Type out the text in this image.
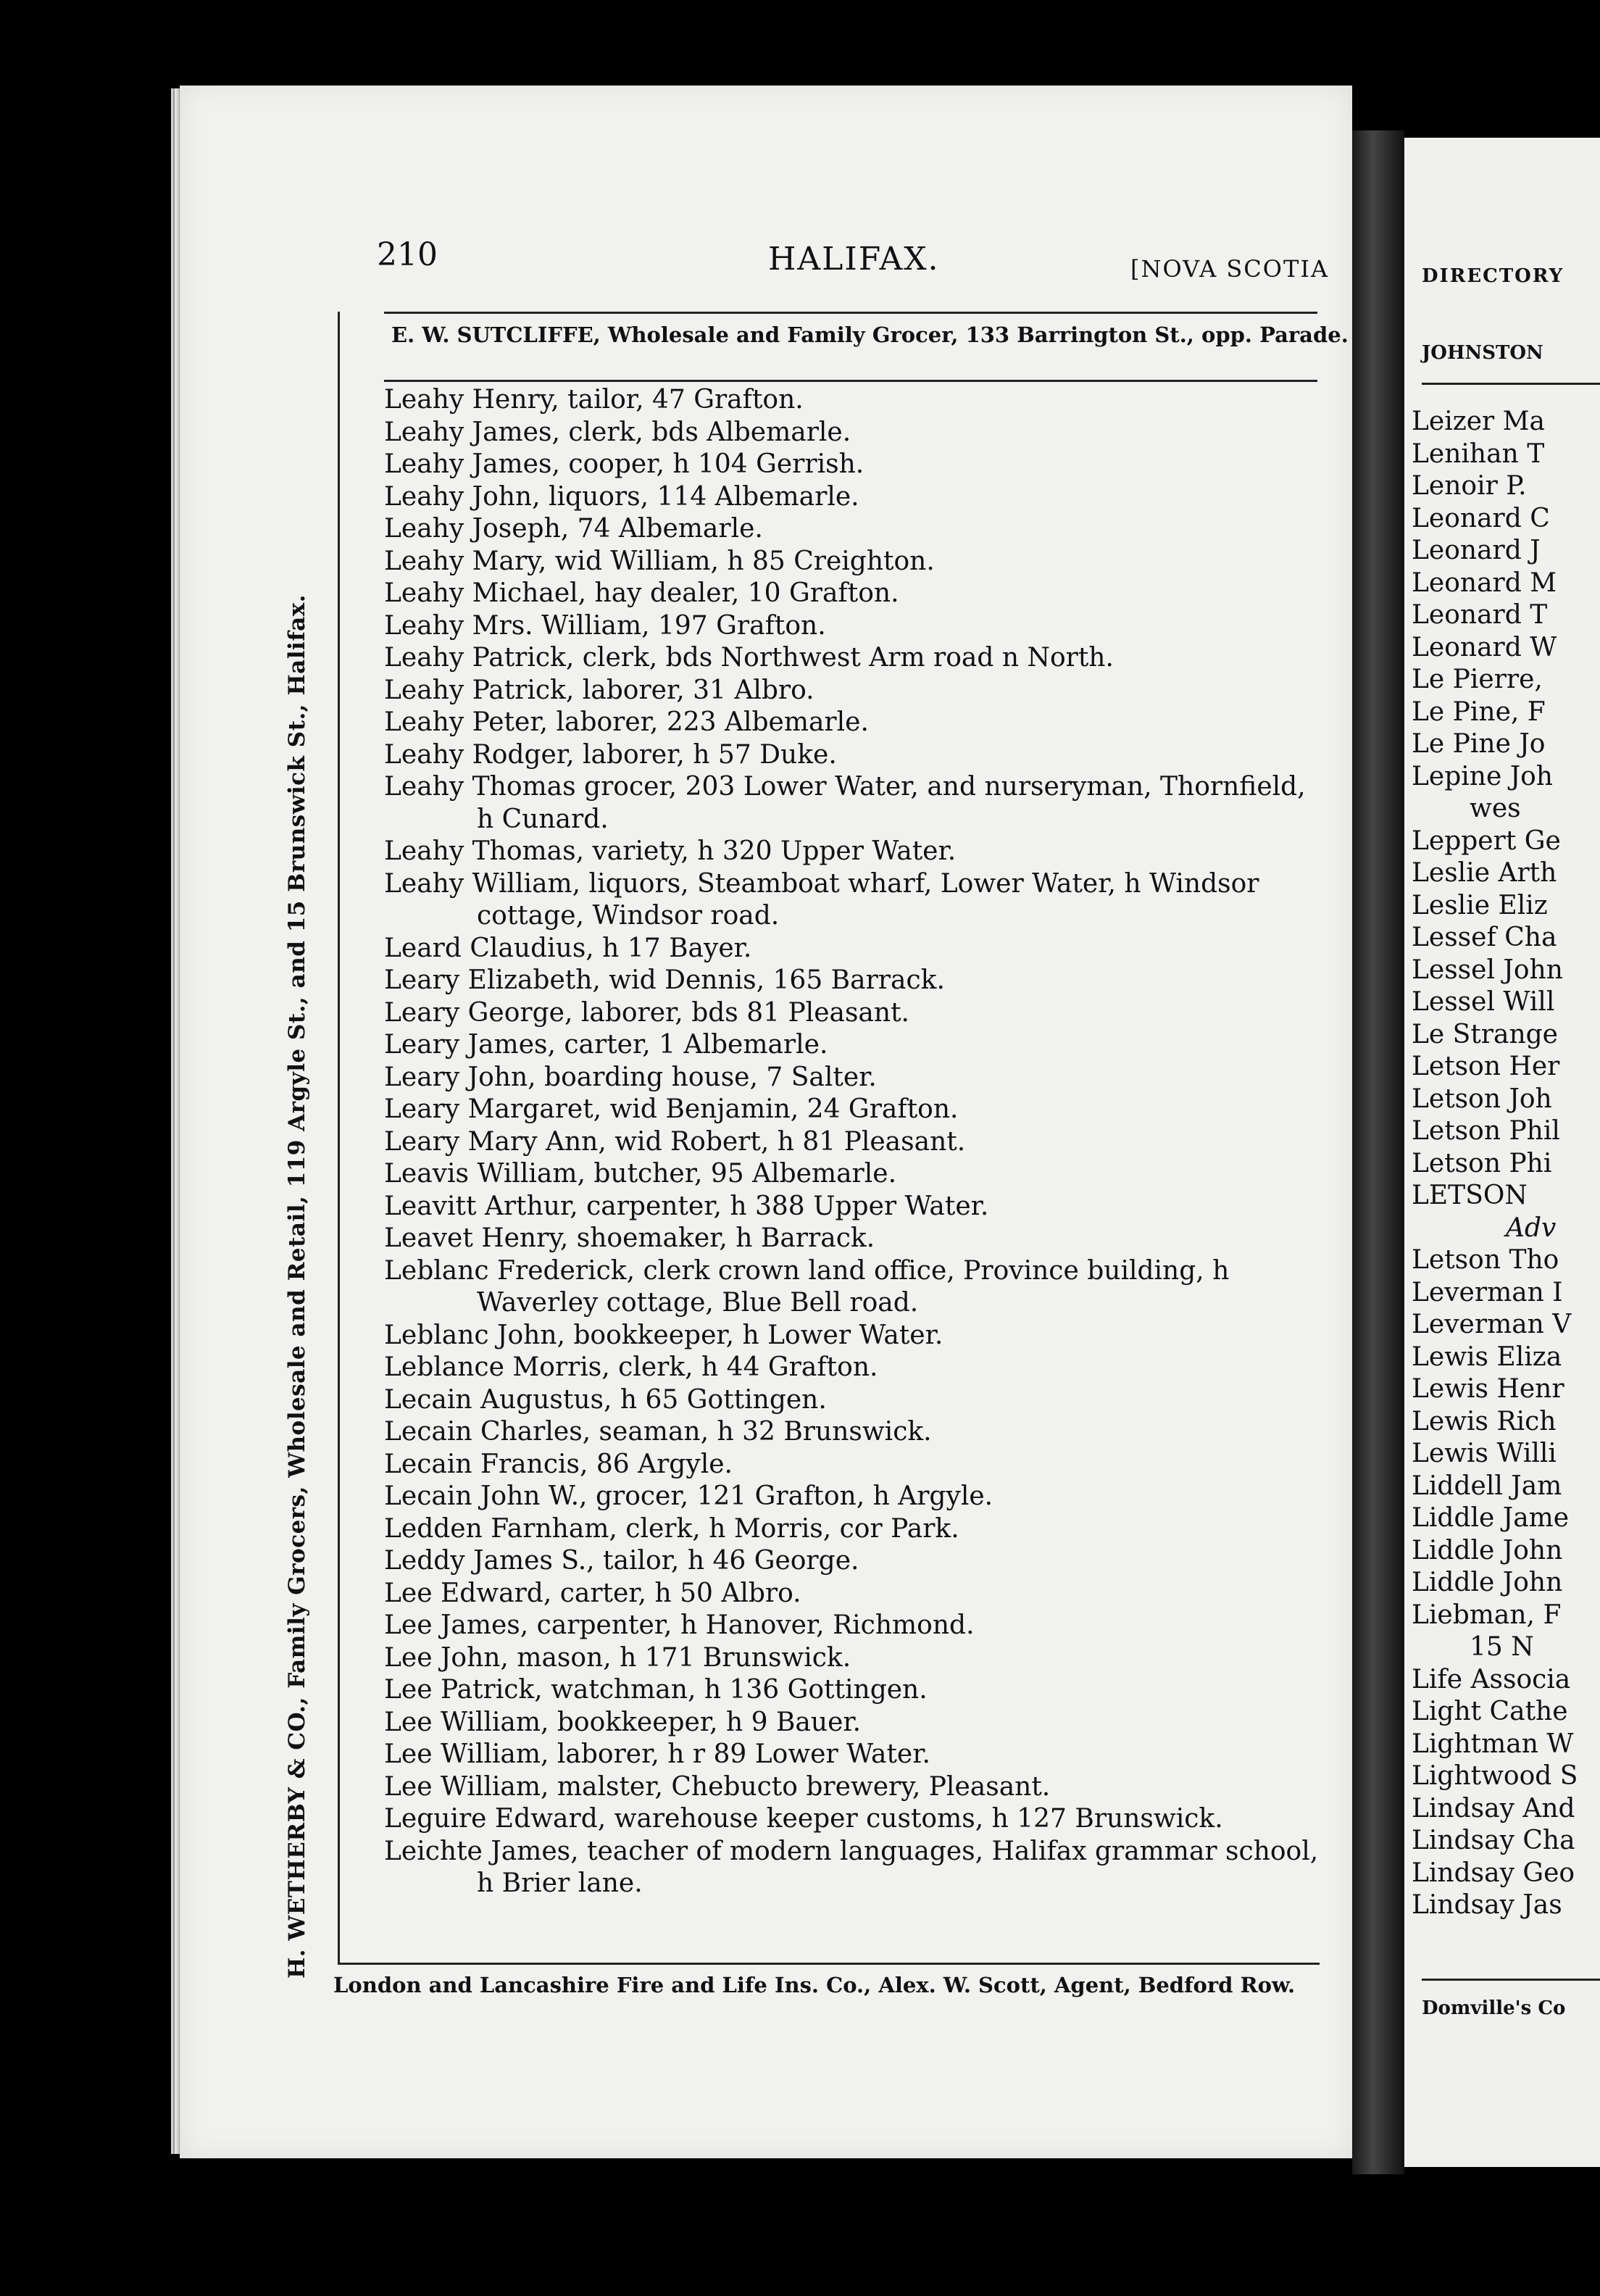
DIRECTORY
JOHNSTON
Leizer Ma
Lenihan T
Lenoir P.
Leonard C
Leonard J
Leonard M
Leonard T
Leonard W
Le Pierre,
Le Pine, F
Le Pine Jo
Lepine Joh
wes
Leppert Ge
Leslie Arth
Leslie Eliz
Lessef Cha
Lessel John
Lessel Will
Le Strange
Letson Her
Letson Joh
Letson Phil
Letson Phi
LETSON
Adv
Letson Tho
Leverman I
Leverman V
Lewis Eliza
Lewis Henr
Lewis Rich
Lewis Willi
Liddell Jam
Liddle Jame
Liddle John
Liddle John
Liebman, F
15 N
Life Associa
Light Cathe
Lightman W
Lightwood S
Lindsay And
Lindsay Cha
Lindsay Geo
Lindsay Jas
Domville's Co
210	HALIFAX.	[NOVA SCOTIA
H. WETHERBY & CO., Family Grocers, Wholesale and Retail, 119 Argyle St., and 15 Brunswick St., Halifax.
E. W. SUTCLIFFE, Wholesale and Family Grocer, 133 Barrington St., opp. Parade.
Leahy Henry, tailor, 47 Grafton.
Leahy James, clerk, bds Albemarle.
Leahy James, cooper, h 104 Gerrish.
Leahy John, liquors, 114 Albemarle.
Leahy Joseph, 74 Albemarle.
Leahy Mary, wid William, h 85 Creighton.
Leahy Michael, hay dealer, 10 Grafton.
Leahy Mrs. William, 197 Grafton.
Leahy Patrick, clerk, bds Northwest Arm road n North.
Leahy Patrick, laborer, 31 Albro.
Leahy Peter, laborer, 223 Albemarle.
Leahy Rodger, laborer, h 57 Duke.
Leahy Thomas grocer, 203 Lower Water, and nurseryman, Thornfield,
h Cunard.
Leahy Thomas, variety, h 320 Upper Water.
Leahy William, liquors, Steamboat wharf, Lower Water, h Windsor
cottage, Windsor road.
Leard Claudius, h 17 Bayer.
Leary Elizabeth, wid Dennis, 165 Barrack.
Leary George, laborer, bds 81 Pleasant.
Leary James, carter, 1 Albemarle.
Leary John, boarding house, 7 Salter.
Leary Margaret, wid Benjamin, 24 Grafton.
Leary Mary Ann, wid Robert, h 81 Pleasant.
Leavis William, butcher, 95 Albemarle.
Leavitt Arthur, carpenter, h 388 Upper Water.
Leavet Henry, shoemaker, h Barrack.
Leblanc Frederick, clerk crown land office, Province building, h
Waverley cottage, Blue Bell road.
Leblanc John, bookkeeper, h Lower Water.
Leblance Morris, clerk, h 44 Grafton.
Lecain Augustus, h 65 Gottingen.
Lecain Charles, seaman, h 32 Brunswick.
Lecain Francis, 86 Argyle.
Lecain John W., grocer, 121 Grafton, h Argyle.
Ledden Farnham, clerk, h Morris, cor Park.
Leddy James S., tailor, h 46 George.
Lee Edward, carter, h 50 Albro.
Lee James, carpenter, h Hanover, Richmond.
Lee John, mason, h 171 Brunswick.
Lee Patrick, watchman, h 136 Gottingen.
Lee William, bookkeeper, h 9 Bauer.
Lee William, laborer, h r 89 Lower Water.
Lee William, malster, Chebucto brewery, Pleasant.
Leguire Edward, warehouse keeper customs, h 127 Brunswick.
Leichte James, teacher of modern languages, Halifax grammar school,
h Brier lane.
London and Lancashire Fire and Life Ins. Co., Alex. W. Scott, Agent, Bedford Row.
